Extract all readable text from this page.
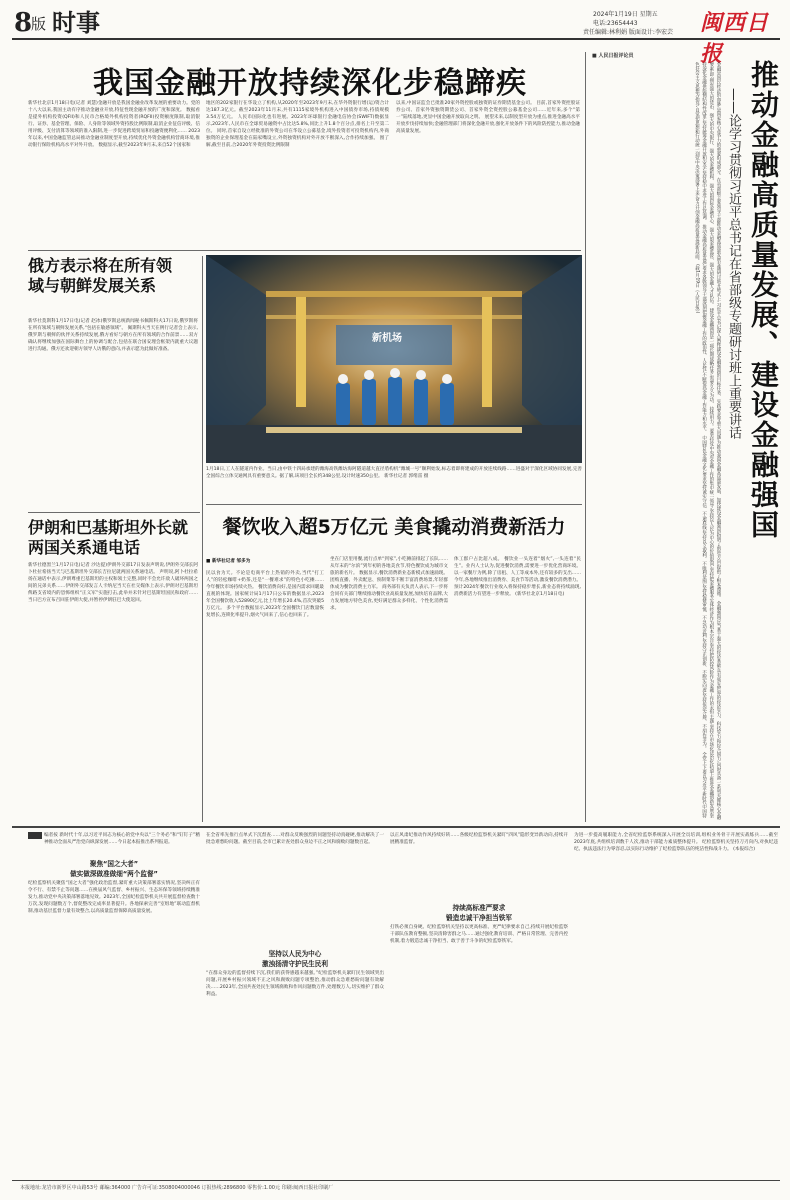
8
版 时事	2024年1月19日 星期五
电话:23654443
责任编辑:林利娟 版面设计:李宏芸	闽西日报
我国金融开放持续深化步稳蹄疾
新华社北京1月18日电(记者 刘慧)金融开放是我国金融业改革发展的重要动力。党的十八大以来,我国主动有序推动金融业开放,特征性现金融开放的广度和深度。 数据看是提外机构投资(QFII)和人民币合格境外机构投资者(RQFII)投资额度限制,取消银行、证券、基金管理、保险、人身险等领域外资持股比例限制,取消企业征信评级、信用评级、支付清算等领域的准入限制,进一步促进跨境贸易和投融资便利化…… 2023年以来,中国金融监管总局推动金融业制度型开放,持续优化外资金融机构营商环境,推动银行保险机构高水平对外开放。 数据显示,截至2023年9月末,来自52个国家和
地区的202家银行在华设立了机构,从2020年至2023年9月末,在华外资银行增(运)资合计达187.3亿元。截至2023年11月末,共有1115家境外机构进入中国债券市场,持债规模3.54万亿元。 人民币国际化也有进展。2023年环球银行金融电信协会(SWIFT)数据显示,2023年,人民币在全球贸易融资中占比达5.8%,同比上升1.8个百分点,排名上升至第二位。 同时,首家自设立经批准的外资公司在华设立公募基金,境外投资者可投资机构内,外商独资的企业保理基金在陆家嘴设立,外资独资机构对外开放不断深入,合作持续加强。 围了解,截至目前,合2020年外资投资比例限制
以来,中国证监会已批准20家外资控股或独资的证券期货基金公司。 目前,首家外资控股证券公司、首家外资独资期货公司、首家外资全资控股公募基金公司……近年来,多个“第一”陆续落地,更显中国金融开放取向之明。 展望未来,以制度型开放为重点,推进金融高水平开放步伐持续加快;金融管理部门将深化金融开放,强化开放条件下的风险防控能力,推动金融高质量发展。
俄方表示将在所有领域与朝鲜发展关系
新华社莫斯科1月17日电(记者 赵冰)俄罗斯总统新闻秘书佩斯科夫17日说,俄罗斯将在所有领域与朝鲜发展关系,“包括在敏感领域”。 佩斯科夫当天在例行记者会上表示,俄罗斯与朝鲜的伙伴关系持续发展,俄方看好与朝方在所有领域的合作前景……双方确认将继续加强在国际舞台上的协调与配合,包括在联合国安理会框架内就重大议题进行沟通。俄方还欢迎朝方领导人访俄的意向,并表示愿为此做好准备。
伊朗和巴基斯坦外长就两国关系通电话
新华社德黑兰1月17日电(记者 沙达提)伊朗外交部17日发表声明说,伊朗外交部长阿卜杜拉希扬当天与巴基斯坦外交部长吉拉尼就两国关系通电话。 声明说,阿卜杜拉希扬在通话中表示,伊朗尊重巴基斯坦的主权和领土完整,同时不会允许敌人破坏两国之间的兄弟关系……伊朗外交部发言人卡纳尼当天在社交媒体上表示,伊朗对巴基斯坦俾路支省境内的恐怖组织“正义军”实施打击,此举并未针对巴基斯坦国民和政府……当日巴方宣布召回驻伊朗大使,并暂停伊朗驻巴大使返回。
新机场
1月18日,工人在隧道内作业。当日,由中铁十四局承建的潍海高铁潍坊海阿隧道越大直径盾构机“潍城一号”顺利始发,标志着即将建成的开放连续线路……进盛对于深化区域协同发展,完善全国综合立体交通网具有重要意义。据了解,该项目全长约348公里,设计时速350公里。 新华社记者 郭绪雷 摄
餐饮收入超5万亿元 美食撬动消费新活力
■ 新华社记者 邹多为
民以食为天。不论是电商平台上热销的外卖,当代“打工人”的轻松咖啡+奶茶,还是“一餐难求”的特色小吃摊……今年餐饮市场持续火热。 餐饮消费向好,是国内需求回暖最直观的体现。国家统计局1月17日公布的数据显示,2023年全国餐饮收入52890亿元,比上年增长20.4%,首次突破5万亿元。 多个平台数据显示,2023年全国餐饮门店数量恢复增长,连锁化率提升,烟火气回来了,信心也回来了。
坐在门店里用餐,流行点单“到家”,小吃摊前排起了长队……从年末的“尔滨”到年初的各地美食节,特色餐饮成为城市文旅的新名片。 数据显示,餐饮消费新业态新模式加速涌现。团购直播、外卖配送、预制菜等不断丰富消费场景,年轻群体成为餐饮消费主力军。 商务部有关负责人表示,下一步将会同有关部门继续推动餐饮业高质量发展,加快培育品牌,大力发展地方特色美食,更好满足群众多样化、个性化消费需求。
体工群户占比超八成。 餐饮业一头连着“烟火”,一头连着“民生”。业内人士认为,促进餐饮消费,需要进一步优化营商环境。 以一家餐厅为例,除了房租、人工等成本外,还有较多的支出……今年,各地继续推出消费券、美食节等活动,激发餐饮消费潜力。 预计2024年餐饮行业收入将保持稳步增长,新业态将持续涌现,消费新活力有望进一步释放。 (新华社北京1月18日电)
■ 人民日报评论员
推动金融高质量发展、建设金融强国
——论学习贯彻习近平总书记在省部级专题研讨班上重要讲话
金融是国民经济的血脉,是国家核心竞争力的重要组成部分。在省部级主要领导干部推动金融高质量发展专题研讨班开班式上,习近平总书记深入阐释建设金融强国的目标任务、实践要求等重大问题,为推动我国金融高质量发展、加快建设金融强国指明了前进方向,提供了根本遵循。 金融强国应当基于强大的经济基础,具有领先世界的经济实力、科技实力和综合国力,同时具备一系列关键核心金融要素,即:拥有强大的货币、强大的中央银行、强大的金融机构、强大的国际金融中心、强大的金融监管、强大的金融人才队伍。 建设金融强国是一项长期战略任务,需要久久为功、持续用力。要坚持党中央对金融工作的集中统一领导,坚持以人民为中心的价值取向,坚持把金融服务实体经济作为根本宗旨,坚持把防控风险作为金融工作的永恒主题,坚持在市场化法治化轨道上推进金融创新发展,坚持深化金融供给侧结构性改革,坚持统筹金融开放和安全,坚持稳中求进工作总基调。 推动金融高质量发展,要求各级领导干部深刻把握金融工作的政治性、人民性,不断提高金融工作能力和水平。 中国特色金融文化,要求坚持诚实守信、不逾底线,坚持以义取利、不唯利是图,坚持稳健审慎、不急功近利,坚持守正创新、不脱实向虚,坚持依法合规、不胡作非为。 全党上下要以习近平新时代中国特色社会主义思想为指导,自觉把思想和行动统一到党中央决策部署上来,奋力开创金融高质量发展新局面。 (载1月19日《人民日报》)
编者按 新时代十年,以习近平同志为核心的党中央以“三个务必”和“钉钉子”精神推动全面从严治党向纵深发展……今日起本报推出系列报道。
聚焦“国之大者”
做实做深做准做细“两个监督”
纪检监察机关聚焦“国之大者”强化政治监督,紧盯重大决策部署落实情况,坚决纠正有令不行、有禁不止等问题……在换届风气监督、乡村振兴、生态环保等领域持续精准发力,推动党中央决策部署落地见效。2023年,全国纪检监察机关共开展监督检查数十万次,发现问题数万个,督促整改完成率显著提升。各地探索完善“室组地”联动监督机制,推动基层监督力量有效整合,以高质量监督保障高质量发展。
在全省率先推行点单式下沉督查……对群众反映强烈的问题坚持动真碰硬,推动解决了一批急难愁盼问题。截至目前,全市已累计查处群众身边不正之风和腐败问题数百起。
坚持以人民为中心
激浊扬清守护民生民利
“在群众身边的监督持续下沉,我们的获得感越来越强。”纪检监察机关紧盯民生领域突出问题,开展乡村振兴领域不正之风和腐败问题专项整治,推动群众急难愁盼问题有效解决……2023年,全国共查处民生领域腐败和作风问题数万件,处理数万人,切实维护了群众利益。
以正风肃纪推动作风持续好转……各级纪检监察机关紧盯“四风”隐形变异新动向,持续开展精准监督。
持续高标准严要求
锻造忠诚干净担当铁军
打铁必须自身硬。纪检监察机关坚持以更高标准、更严纪律要求自己,持续开展纪检监察干部队伍教育整顿,坚决清除害群之马……通过强化教育培训、严格日常管理、完善内控机制,着力锻造忠诚干净担当、敢于善于斗争的纪检监察铁军。
为进一步提高履职能力,全省纪检监察系统深入开展全员培训,组织业务骨干开展实战练兵……截至2023年底,共组织培训数千人次,推动干部能力素质整体提升。 纪检监察机关坚持刀刃向内,对执纪违纪、执法违法行为零容忍,以实际行动维护了纪检监察队伍的纯洁性和战斗力。 (本报综合)
本报地址:龙岩市新罗区中山路53号 邮编:364000 广告许可证:3508004000046 订报热线:2896800 零售价:1.00元 印刷:闽西日报社印刷厂
